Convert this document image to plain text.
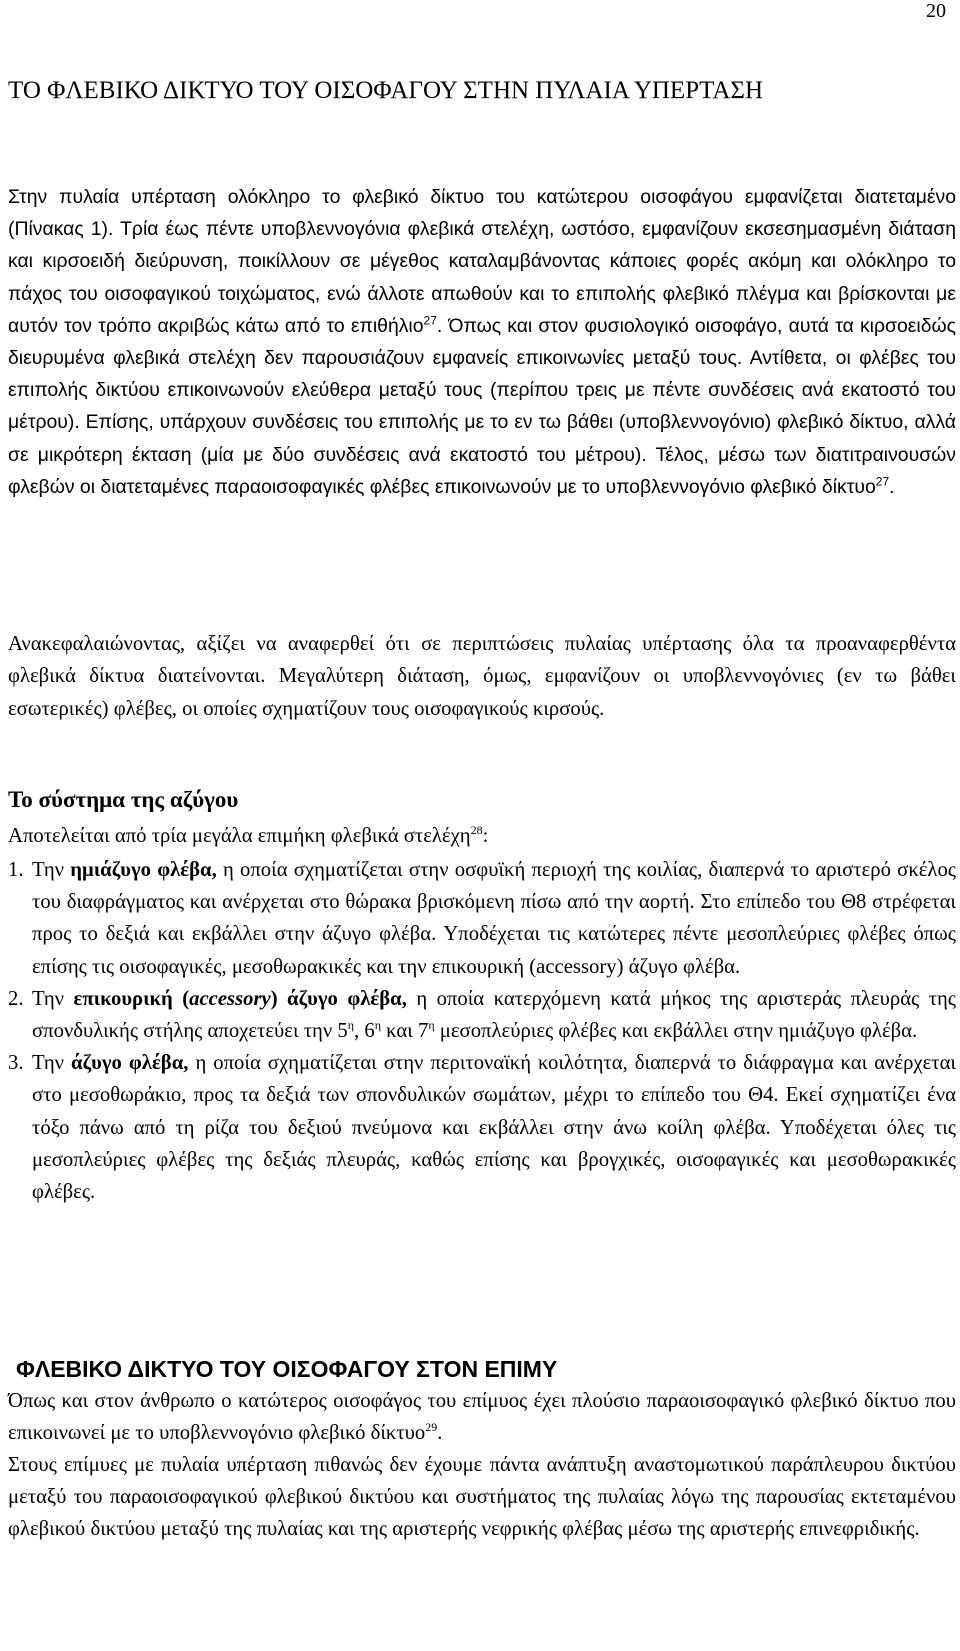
20
ΤΟ ΦΛΕΒΙΚΟ ΔΙΚΤΥΟ ΤΟΥ ΟΙΣΟΦΑΓΟΥ ΣΤΗΝ ΠΥΛΑΙΑ ΥΠΕΡΤΑΣΗ

Στην πυλαία υπέρταση ολόκληρο το φλεβικό δίκτυο του κατώτερου οισοφάγου εμφανίζεται διατεταμένο (Πίνακας 1). Τρία έως πέντε υποβλεννογόνια φλεβικά στελέχη, ωστόσο, εμφανίζουν εκσεσημασμένη διάταση και κιρσοειδή διεύρυνση, ποικίλλουν σε μέγεθος καταλαμβάνοντας κάποιες φορές ακόμη και ολόκληρο το πάχος του οισοφαγικού τοιχώματος, ενώ άλλοτε απωθούν και το επιπολής φλεβικό πλέγμα και βρίσκονται με αυτόν τον τρόπο ακριβώς κάτω από το επιθήλιο$^{27}$. Όπως και στον φυσιολογικό οισοφάγο, αυτά τα κιρσοειδώς διευρυμένα φλεβικά στελέχη δεν παρουσιάζουν εμφανείς επικοινωνίες μεταξύ τους. Αντίθετα, οι φλέβες του επιπολής δικτύου επικοινωνούν ελεύθερα μεταξύ τους (περίπου τρεις με πέντε συνδέσεις ανά εκατοστό του μέτρου). Επίσης, υπάρχουν συνδέσεις του επιπολής με το εν τω βάθει (υποβλεννογόνιο) φλεβικό δίκτυο, αλλά σε μικρότερη έκταση (μία με δύο συνδέσεις ανά εκατοστό του μέτρου). Τέλος, μέσω των διατιτραινουσών φλεβών οι διατεταμένες παραοισοφαγικές φλέβες επικοινωνούν με το υποβλεννογόνιο φλεβικό δίκτυο$^{27}$.

Ανακεφαλαιώνοντας, αξίζει να αναφερθεί ότι σε περιπτώσεις πυλαίας υπέρτασης όλα τα προαναφερθέντα φλεβικά δίκτυα διατείνονται. Μεγαλύτερη διάταση, όμως, εμφανίζουν οι υποβλεννογόνιες (εν τω βάθει εσωτερικές) φλέβες, οι οποίες σχηματίζουν τους οισοφαγικούς κιρσούς.

Το σύστημα της αζύγου
Αποτελείται από τρία μεγάλα επιμήκη φλεβικά στελέχη$^{28}$:

1. Την ημιάζυγο φλέβα, η οποία σχηματίζεται στην οσφυϊκή περιοχή της κοιλίας, διαπερνά το αριστερό σκέλος του διαφράγματος και ανέρχεται στο θώρακα βρισκόμενη πίσω από την αορτή. Στο επίπεδο του Θ8 στρέφεται προς το δεξιά και εκβάλλει στην άζυγο φλέβα. Υποδέχεται τις κατώτερες πέντε μεσοπλεύριες φλέβες όπως επίσης τις οισοφαγικές, μεσοθωρακικές και την επικουρική (accessory) άζυγο φλέβα.

2. Την επικουρική (accessory) άζυγο φλέβα, η οποία κατερχόμενη κατά μήκος της αριστεράς πλευράς της σπονδυλικής στήλης αποχετεύει την $5^\eta$, $6^\eta$ και $7^\eta$ μεσοπλεύριες φλέβες και εκβάλλει στην ημιάζυγο φλέβα.

3. Την άζυγο φλέβα, η οποία σχηματίζεται στην περιτοναϊκή κοιλότητα, διαπερνά το διάφραγμα και ανέρχεται στο μεσοθωράκιο, προς τα δεξιά των σπονδυλικών σωμάτων, μέχρι το επίπεδο του Θ4. Εκεί σχηματίζει ένα τόξο πάνω από τη ρίζα του δεξιού πνεύμονα και εκβάλλει στην άνω κοίλη φλέβα. Υποδέχεται όλες τις μεσοπλεύριες φλέβες της δεξιάς πλευράς, καθώς επίσης και βρογχικές, οισοφαγικές και μεσοθωρακικές φλέβες.

ΦΛΕΒΙΚΟ ΔΙΚΤΥΟ ΤΟΥ ΟΙΣΟΦΑΓΟΥ ΣΤΟΝ ΕΠΙΜΥ

Όπως και στον άνθρωπο ο κατώτερος οισοφάγος του επίμυος έχει πλούσιο παραοισοφαγικό φλεβικό δίκτυο που επικοινωνεί με το υποβλεννογόνιο φλεβικό δίκτυο$^{29}$.

Στους επίμυες με πυλαία υπέρταση πιθανώς δεν έχουμε πάντα ανάπτυξη αναστομωτικού παράπλευρου δικτύου μεταξύ του παραοισοφαγικού φλεβικού δικτύου και συστήματος της πυλαίας λόγω της παρουσίας εκτεταμένου φλεβικού δικτύου μεταξύ της πυλαίας και της αριστερής νεφρικής φλέβας μέσω της αριστερής επινεφριδικής.
